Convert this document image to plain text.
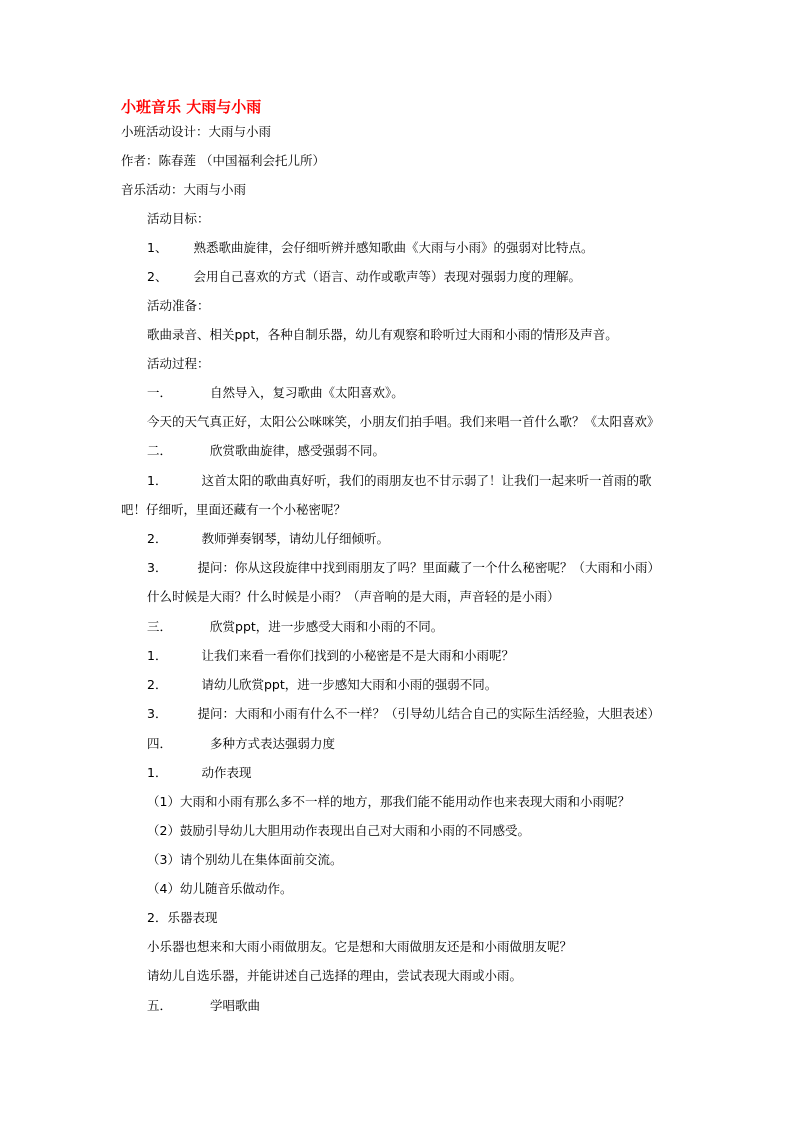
小班音乐 大雨与小雨
小班活动设计：大雨与小雨
作者：陈春莲 （中国福利会托儿所）
音乐活动：大雨与小雨
活动目标：
1、 熟悉歌曲旋律，会仔细听辨并感知歌曲《大雨与小雨》的强弱对比特点。
2、 会用自己喜欢的方式（语言、动作或歌声等）表现对强弱力度的理解。
活动准备：
歌曲录音、相关ppt，各种自制乐器，幼儿有观察和聆听过大雨和小雨的情形及声音。
活动过程：
一．	自然导入，复习歌曲《太阳喜欢》。
今天的天气真正好，太阳公公咪咪笑，小朋友们拍手唱。我们来唱一首什么歌？《太阳喜欢》
二．	欣赏歌曲旋律，感受强弱不同。
1．	这首太阳的歌曲真好听，我们的雨朋友也不甘示弱了！让我们一起来听一首雨的歌
吧！仔细听，里面还藏有一个小秘密呢？
2．	教师弹奏钢琴，请幼儿仔细倾听。
3． 提问：你从这段旋律中找到雨朋友了吗？里面藏了一个什么秘密呢？（大雨和小雨）
什么时候是大雨？什么时候是小雨？（声音响的是大雨，声音轻的是小雨）
三．	欣赏ppt，进一步感受大雨和小雨的不同。
1．	让我们来看一看你们找到的小秘密是不是大雨和小雨呢？
2．	请幼儿欣赏ppt，进一步感知大雨和小雨的强弱不同。
3． 提问：大雨和小雨有什么不一样？（引导幼儿结合自己的实际生活经验，大胆表述）
四．	多种方式表达强弱力度
1．	动作表现
（1）大雨和小雨有那么多不一样的地方，那我们能不能用动作也来表现大雨和小雨呢？
（2）鼓励引导幼儿大胆用动作表现出自己对大雨和小雨的不同感受。
（3）请个别幼儿在集体面前交流。
（4）幼儿随音乐做动作。
2．乐器表现
小乐器也想来和大雨小雨做朋友。它是想和大雨做朋友还是和小雨做朋友呢？
请幼儿自选乐器，并能讲述自己选择的理由，尝试表现大雨或小雨。
五．	学唱歌曲
